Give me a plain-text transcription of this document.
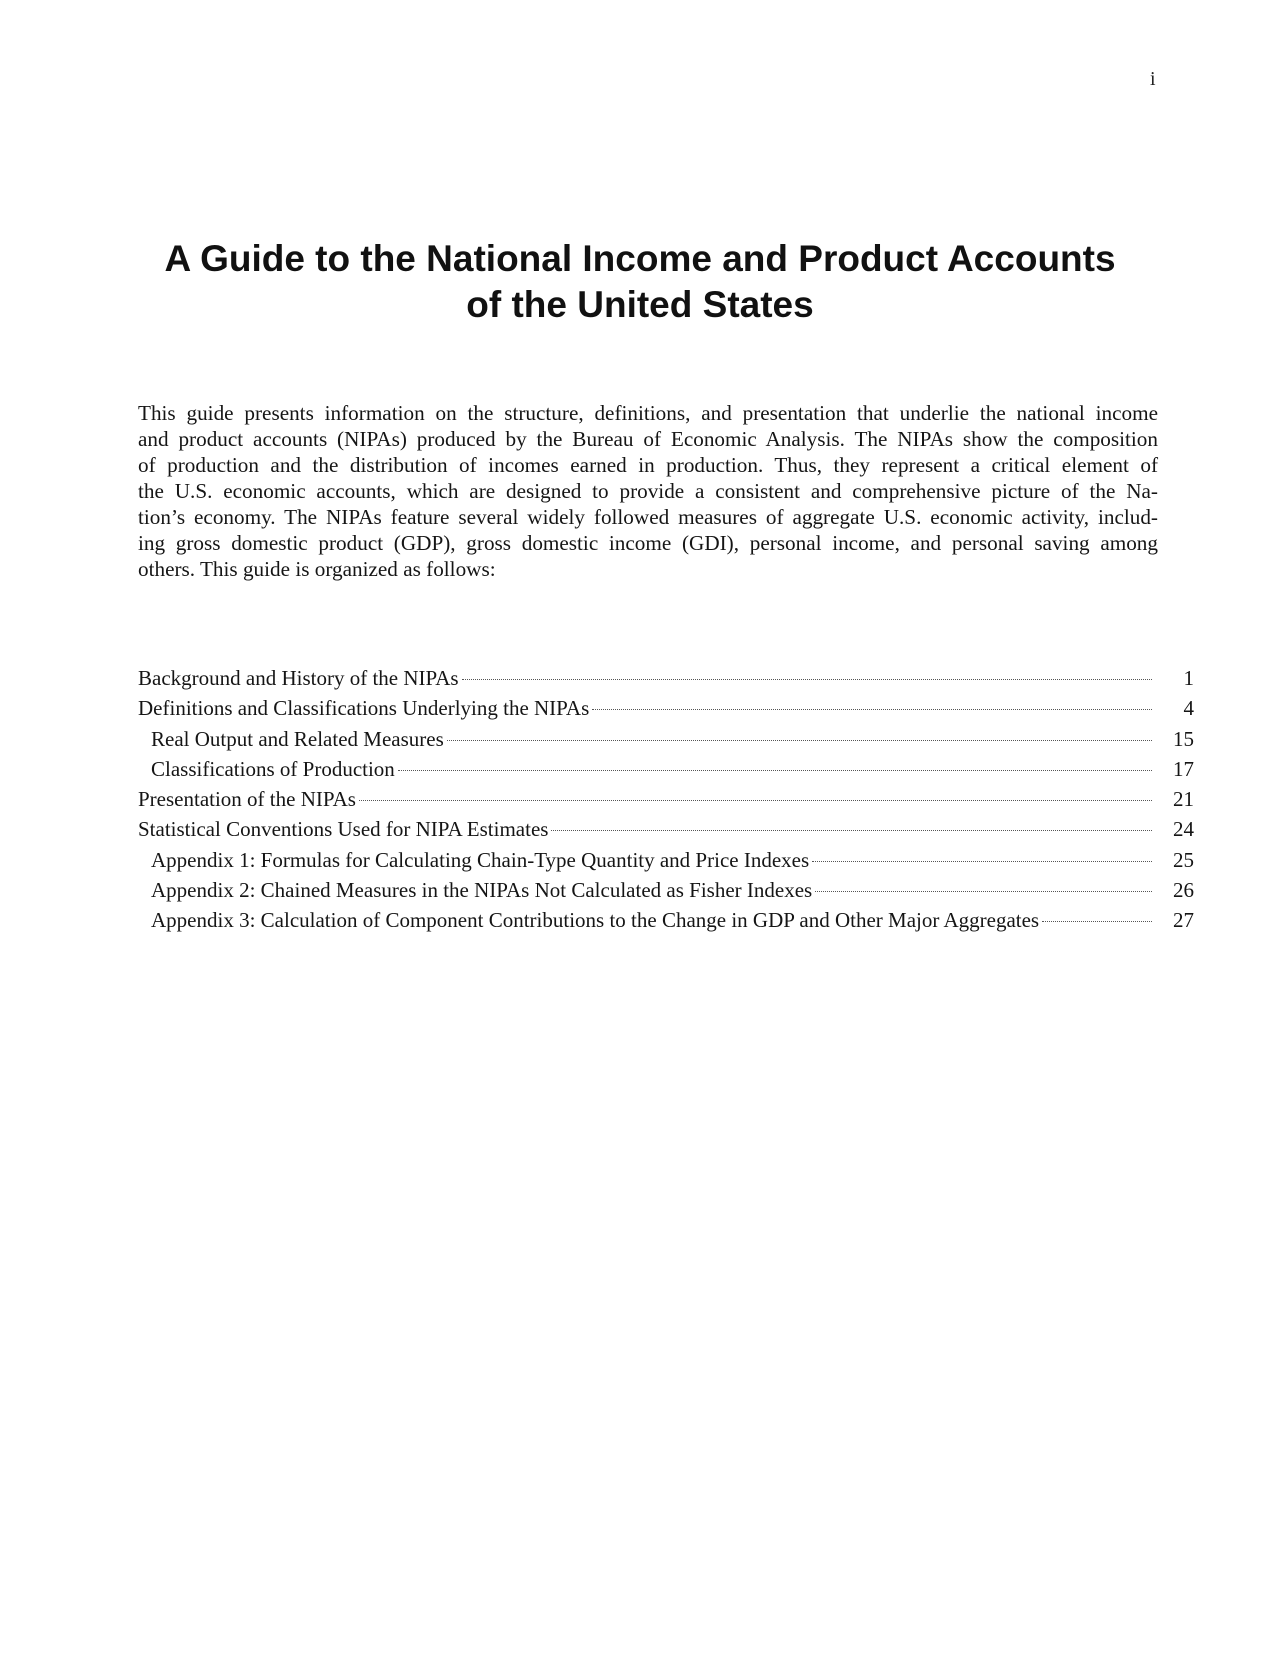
i
A Guide to the National Income and Product Accounts
of the United States

This guide presents information on the structure, definitions, and presentation that underlie the national income
and product accounts (NIPAs) produced by the Bureau of Economic Analysis. The NIPAs show the composition
of production and the distribution of incomes earned in production. Thus, they represent a critical element of
the U.S. economic accounts, which are designed to provide a consistent and comprehensive picture of the Na-
tion’s economy. The NIPAs feature several widely followed measures of aggregate U.S. economic activity, includ-
ing gross domestic product (GDP), gross domestic income (GDI), personal income, and personal saving among
others. This guide is organized as follows:

Background and History of the NIPAs	1
Definitions and Classifications Underlying the NIPAs	4
Real Output and Related Measures	15
Classifications of Production	17
Presentation of the NIPAs	21
Statistical Conventions Used for NIPA Estimates	24
Appendix 1: Formulas for Calculating Chain-Type Quantity and Price Indexes	25
Appendix 2: Chained Measures in the NIPAs Not Calculated as Fisher Indexes	26
Appendix 3: Calculation of Component Contributions to the Change in GDP and Other Major Aggregates	27
